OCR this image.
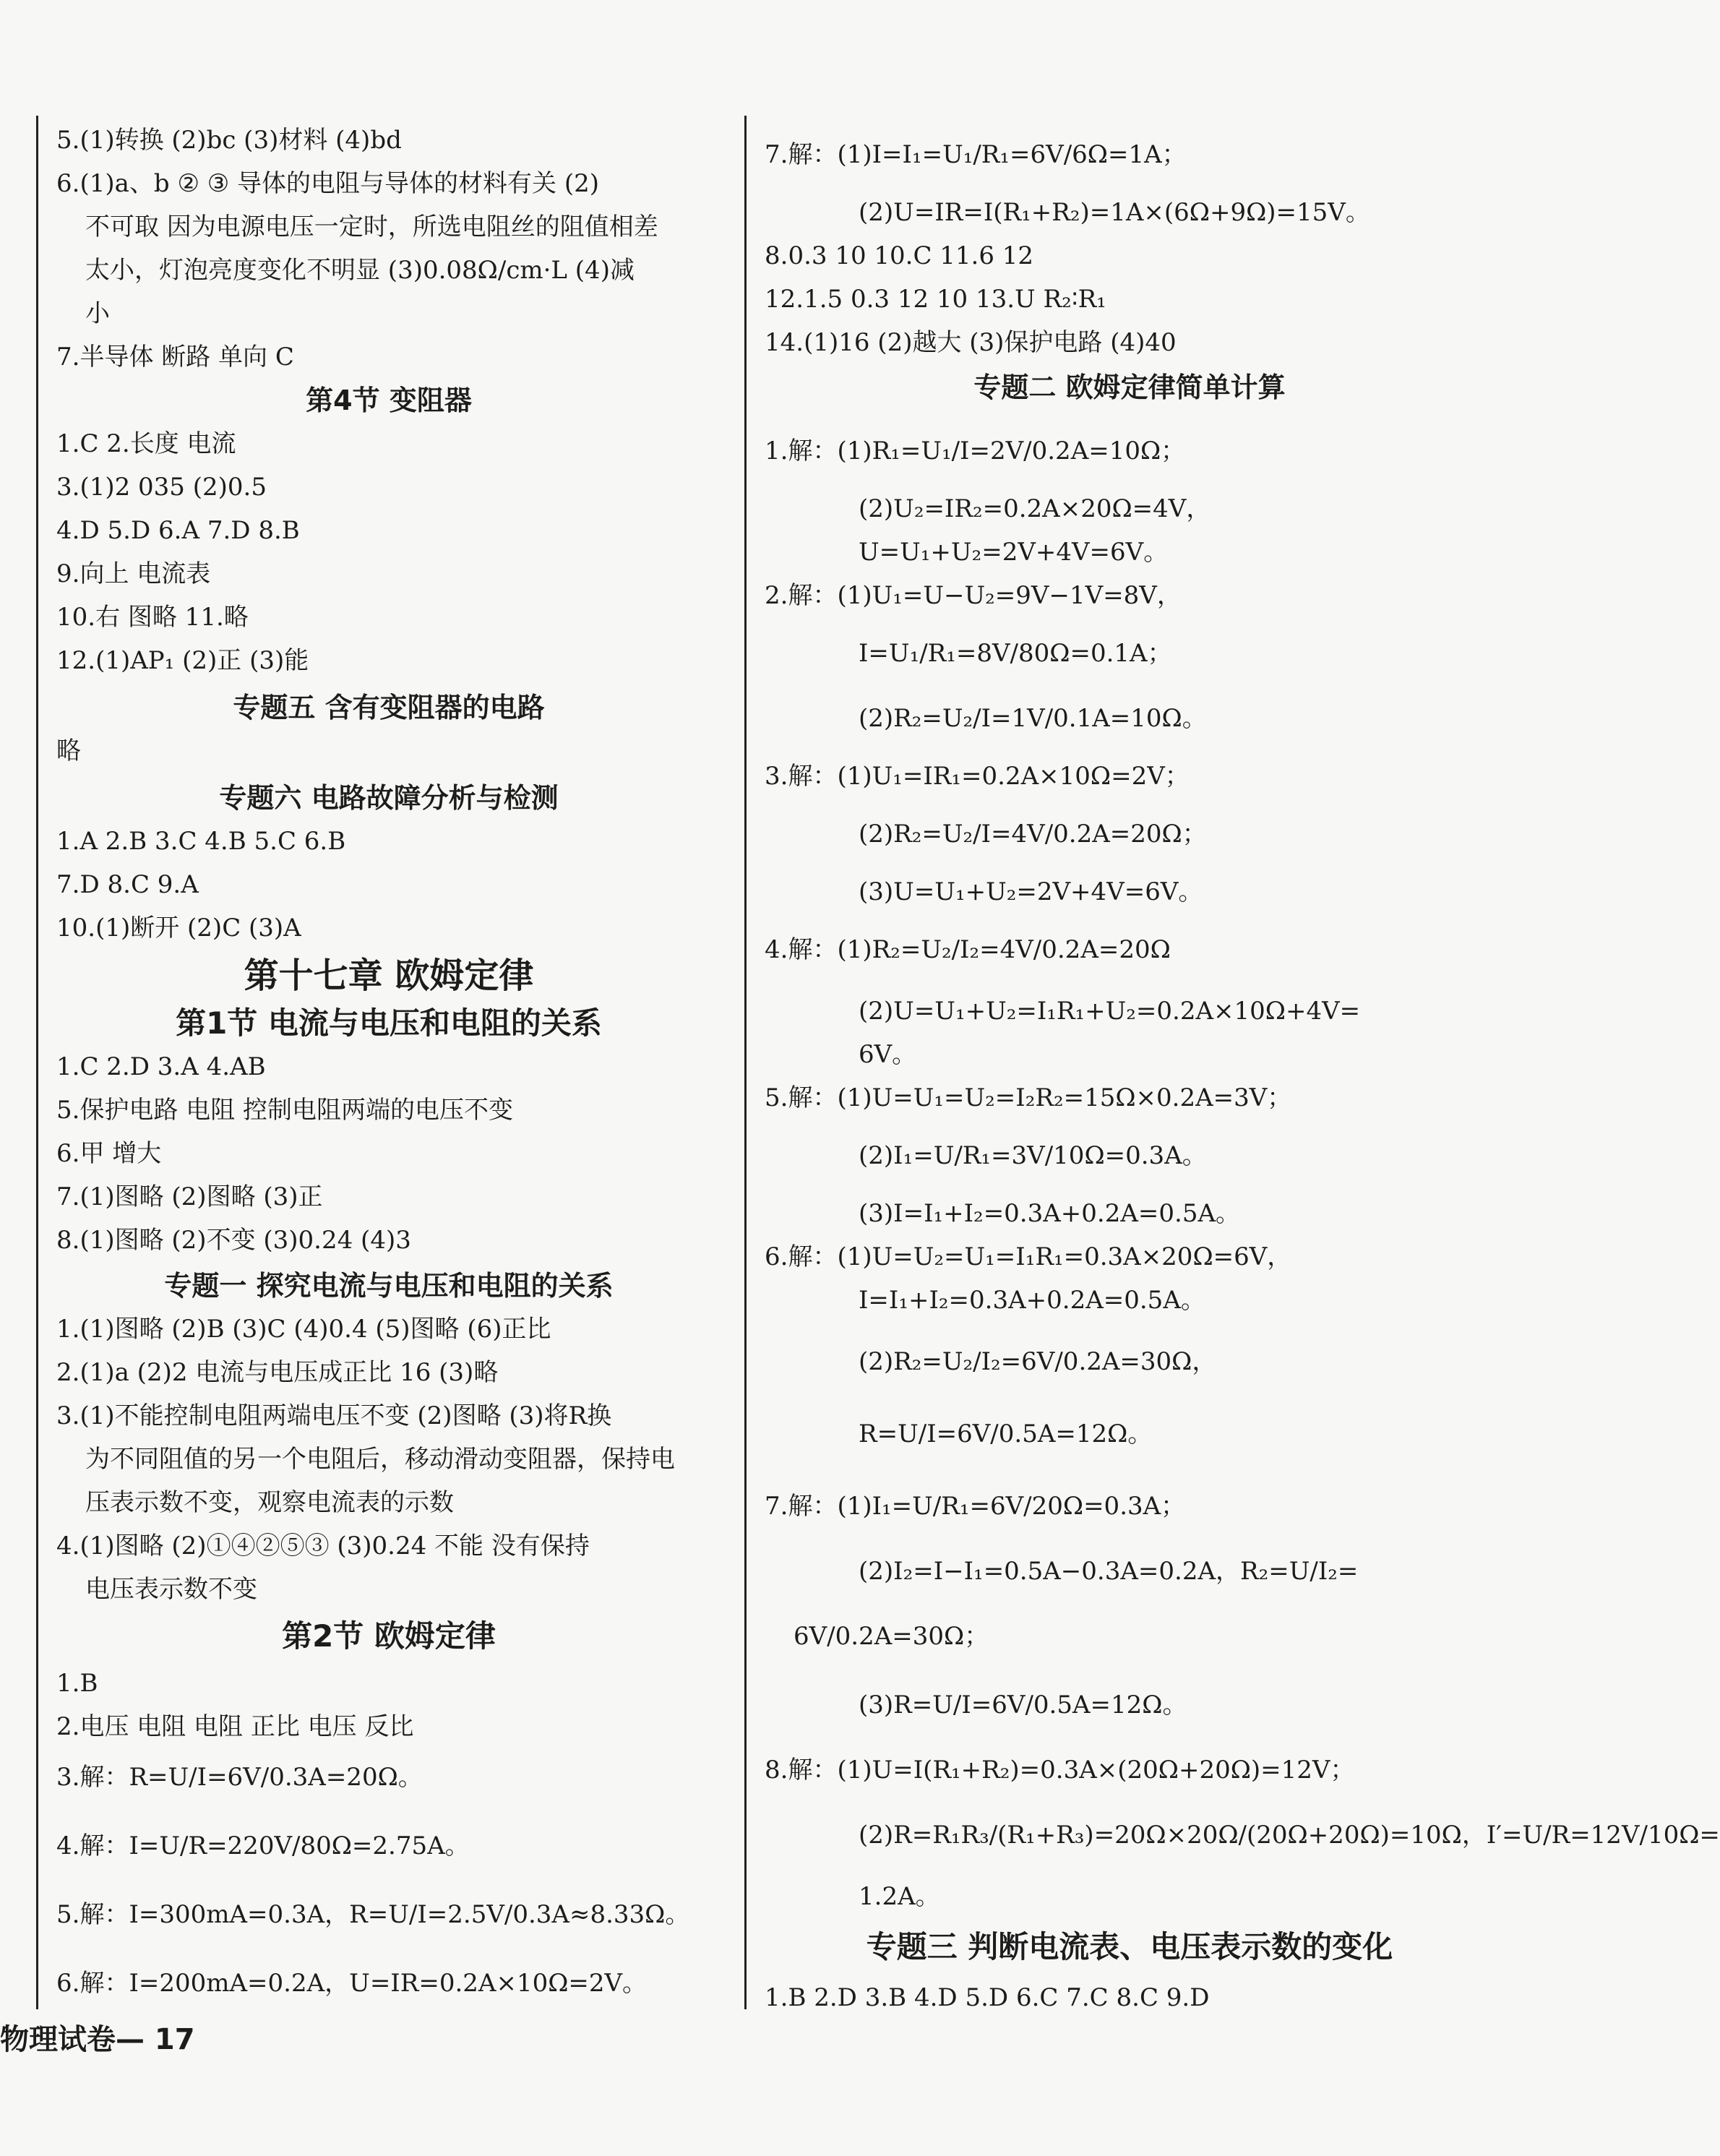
5.(1)转换 (2)bc (3)材料 (4)bd
6.(1)a、b ② ③ 导体的电阻与导体的材料有关 (2)
不可取 因为电源电压一定时，所选电阻丝的阻值相差
太小，灯泡亮度变化不明显 (3)0.08Ω/cm·L (4)减
小
7.半导体 断路 单向 C
第4节 变阻器
1.C 2.长度 电流
3.(1)2 035 (2)0.5
4.D 5.D 6.A 7.D 8.B
9.向上 电流表
10.右 图略 11.略
12.(1)AP₁ (2)正 (3)能
专题五 含有变阻器的电路
略
专题六 电路故障分析与检测
1.A 2.B 3.C 4.B 5.C 6.B
7.D 8.C 9.A
10.(1)断开 (2)C (3)A
第十七章 欧姆定律
第1节 电流与电压和电阻的关系
1.C 2.D 3.A 4.AB
5.保护电路 电阻 控制电阻两端的电压不变
6.甲 增大
7.(1)图略 (2)图略 (3)正
8.(1)图略 (2)不变 (3)0.24 (4)3
专题一 探究电流与电压和电阻的关系
1.(1)图略 (2)B (3)C (4)0.4 (5)图略 (6)正比
2.(1)a (2)2 电流与电压成正比 16 (3)略
3.(1)不能控制电阻两端电压不变 (2)图略 (3)将R换
为不同阻值的另一个电阻后，移动滑动变阻器，保持电
压表示数不变，观察电流表的示数
4.(1)图略 (2)①④②⑤③ (3)0.24 不能 没有保持
电压表示数不变
第2节 欧姆定律
1.B
2.电压 电阻 电阻 正比 电压 反比
3.解：R=U/I=6V/0.3A=20Ω。
4.解：I=U/R=220V/80Ω=2.75A。
5.解：I=300mA=0.3A，R=U/I=2.5V/0.3A≈8.33Ω。
6.解：I=200mA=0.2A，U=IR=0.2A×10Ω=2V。
7.解：(1)I=I₁=U₁/R₁=6V/6Ω=1A；
(2)U=IR=I(R₁+R₂)=1A×(6Ω+9Ω)=15V。
8.0.3 10 10.C 11.6 12
12.1.5 0.3 12 10 13.U R₂∶R₁
14.(1)16 (2)越大 (3)保护电路 (4)40
专题二 欧姆定律简单计算
1.解：(1)R₁=U₁/I=2V/0.2A=10Ω；
(2)U₂=IR₂=0.2A×20Ω=4V，
U=U₁+U₂=2V+4V=6V。
2.解：(1)U₁=U−U₂=9V−1V=8V，
I=U₁/R₁=8V/80Ω=0.1A；
(2)R₂=U₂/I=1V/0.1A=10Ω。
3.解：(1)U₁=IR₁=0.2A×10Ω=2V；
(2)R₂=U₂/I=4V/0.2A=20Ω；
(3)U=U₁+U₂=2V+4V=6V。
4.解：(1)R₂=U₂/I₂=4V/0.2A=20Ω
(2)U=U₁+U₂=I₁R₁+U₂=0.2A×10Ω+4V=
6V。
5.解：(1)U=U₁=U₂=I₂R₂=15Ω×0.2A=3V；
(2)I₁=U/R₁=3V/10Ω=0.3A。
(3)I=I₁+I₂=0.3A+0.2A=0.5A。
6.解：(1)U=U₂=U₁=I₁R₁=0.3A×20Ω=6V，
I=I₁+I₂=0.3A+0.2A=0.5A。
(2)R₂=U₂/I₂=6V/0.2A=30Ω，
R=U/I=6V/0.5A=12Ω。
7.解：(1)I₁=U/R₁=6V/20Ω=0.3A；
(2)I₂=I−I₁=0.5A−0.3A=0.2A，R₂=U/I₂=
6V/0.2A=30Ω；
(3)R=U/I=6V/0.5A=12Ω。
8.解：(1)U=I(R₁+R₂)=0.3A×(20Ω+20Ω)=12V；
(2)R=R₁R₃/(R₁+R₃)=20Ω×20Ω/(20Ω+20Ω)=10Ω，I′=U/R=12V/10Ω=
1.2A。
专题三 判断电流表、电压表示数的变化
1.B 2.D 3.B 4.D 5.D 6.C 7.C 8.C 9.D
物理试卷— 17
